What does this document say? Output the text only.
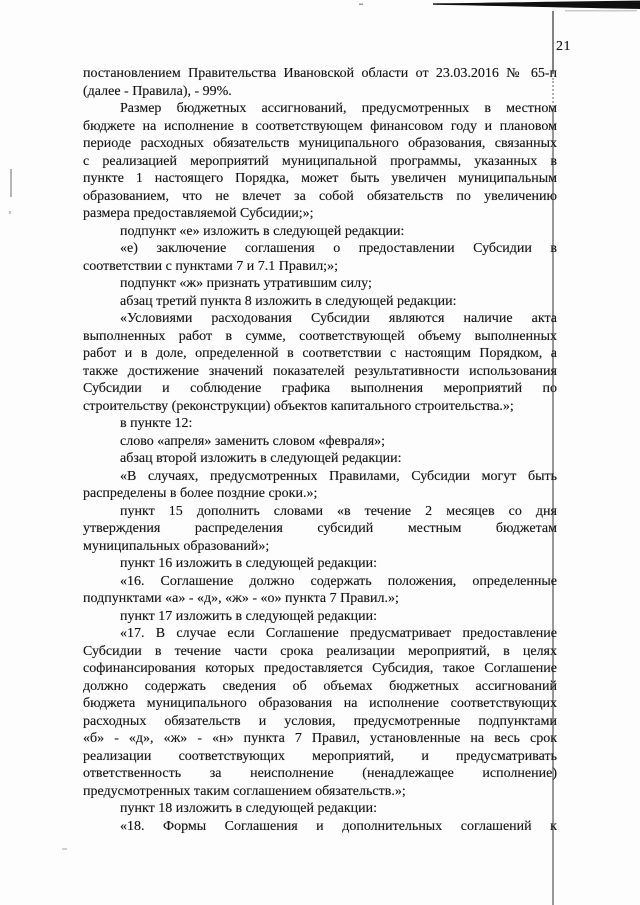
21
постановлением Правительства Ивановской области от 23.03.2016 № 65-п
(далее - Правила), - 99%.
Размер бюджетных ассигнований, предусмотренных в местном
бюджете на исполнение в соответствующем финансовом году и плановом
периоде расходных обязательств муниципального образования, связанных
с реализацией мероприятий муниципальной программы, указанных в
пункте 1 настоящего Порядка, может быть увеличен муниципальным
образованием, что не влечет за собой обязательств по увеличению
размера предоставляемой Субсидии;»;
подпункт «е» изложить в следующей редакции:
«е) заключение соглашения о предоставлении Субсидии в
соответствии с пунктами 7 и 7.1 Правил;»;
подпункт «ж» признать утратившим силу;
абзац третий пункта 8 изложить в следующей редакции:
«Условиями расходования Субсидии являются наличие акта
выполненных работ в сумме, соответствующей объему выполненных
работ и в доле, определенной в соответствии с настоящим Порядком, а
также достижение значений показателей результативности использования
Субсидии и соблюдение графика выполнения мероприятий по
строительству (реконструкции) объектов капитального строительства.»;
в пункте 12:
слово «апреля» заменить словом «февраля»;
абзац второй изложить в следующей редакции:
«В случаях, предусмотренных Правилами, Субсидии могут быть
распределены в более поздние сроки.»;
пункт 15 дополнить словами «в течение 2 месяцев со дня
утверждения распределения субсидий местным бюджетам
муниципальных образований»;
пункт 16 изложить в следующей редакции:
«16. Соглашение должно содержать положения, определенные
подпунктами «а» - «д», «ж» - «о» пункта 7 Правил.»;
пункт 17 изложить в следующей редакции:
«17. В случае если Соглашение предусматривает предоставление
Субсидии в течение части срока реализации мероприятий, в целях
софинансирования которых предоставляется Субсидия, такое Соглашение
должно содержать сведения об объемах бюджетных ассигнований
бюджета муниципального образования на исполнение соответствующих
расходных обязательств и условия, предусмотренные подпунктами
«б» - «д», «ж» - «н» пункта 7 Правил, установленные на весь срок
реализации соответствующих мероприятий, и предусматривать
ответственность за неисполнение (ненадлежащее исполнение)
предусмотренных таким соглашением обязательств.»;
пункт 18 изложить в следующей редакции:
«18. Формы Соглашения и дополнительных соглашений к
